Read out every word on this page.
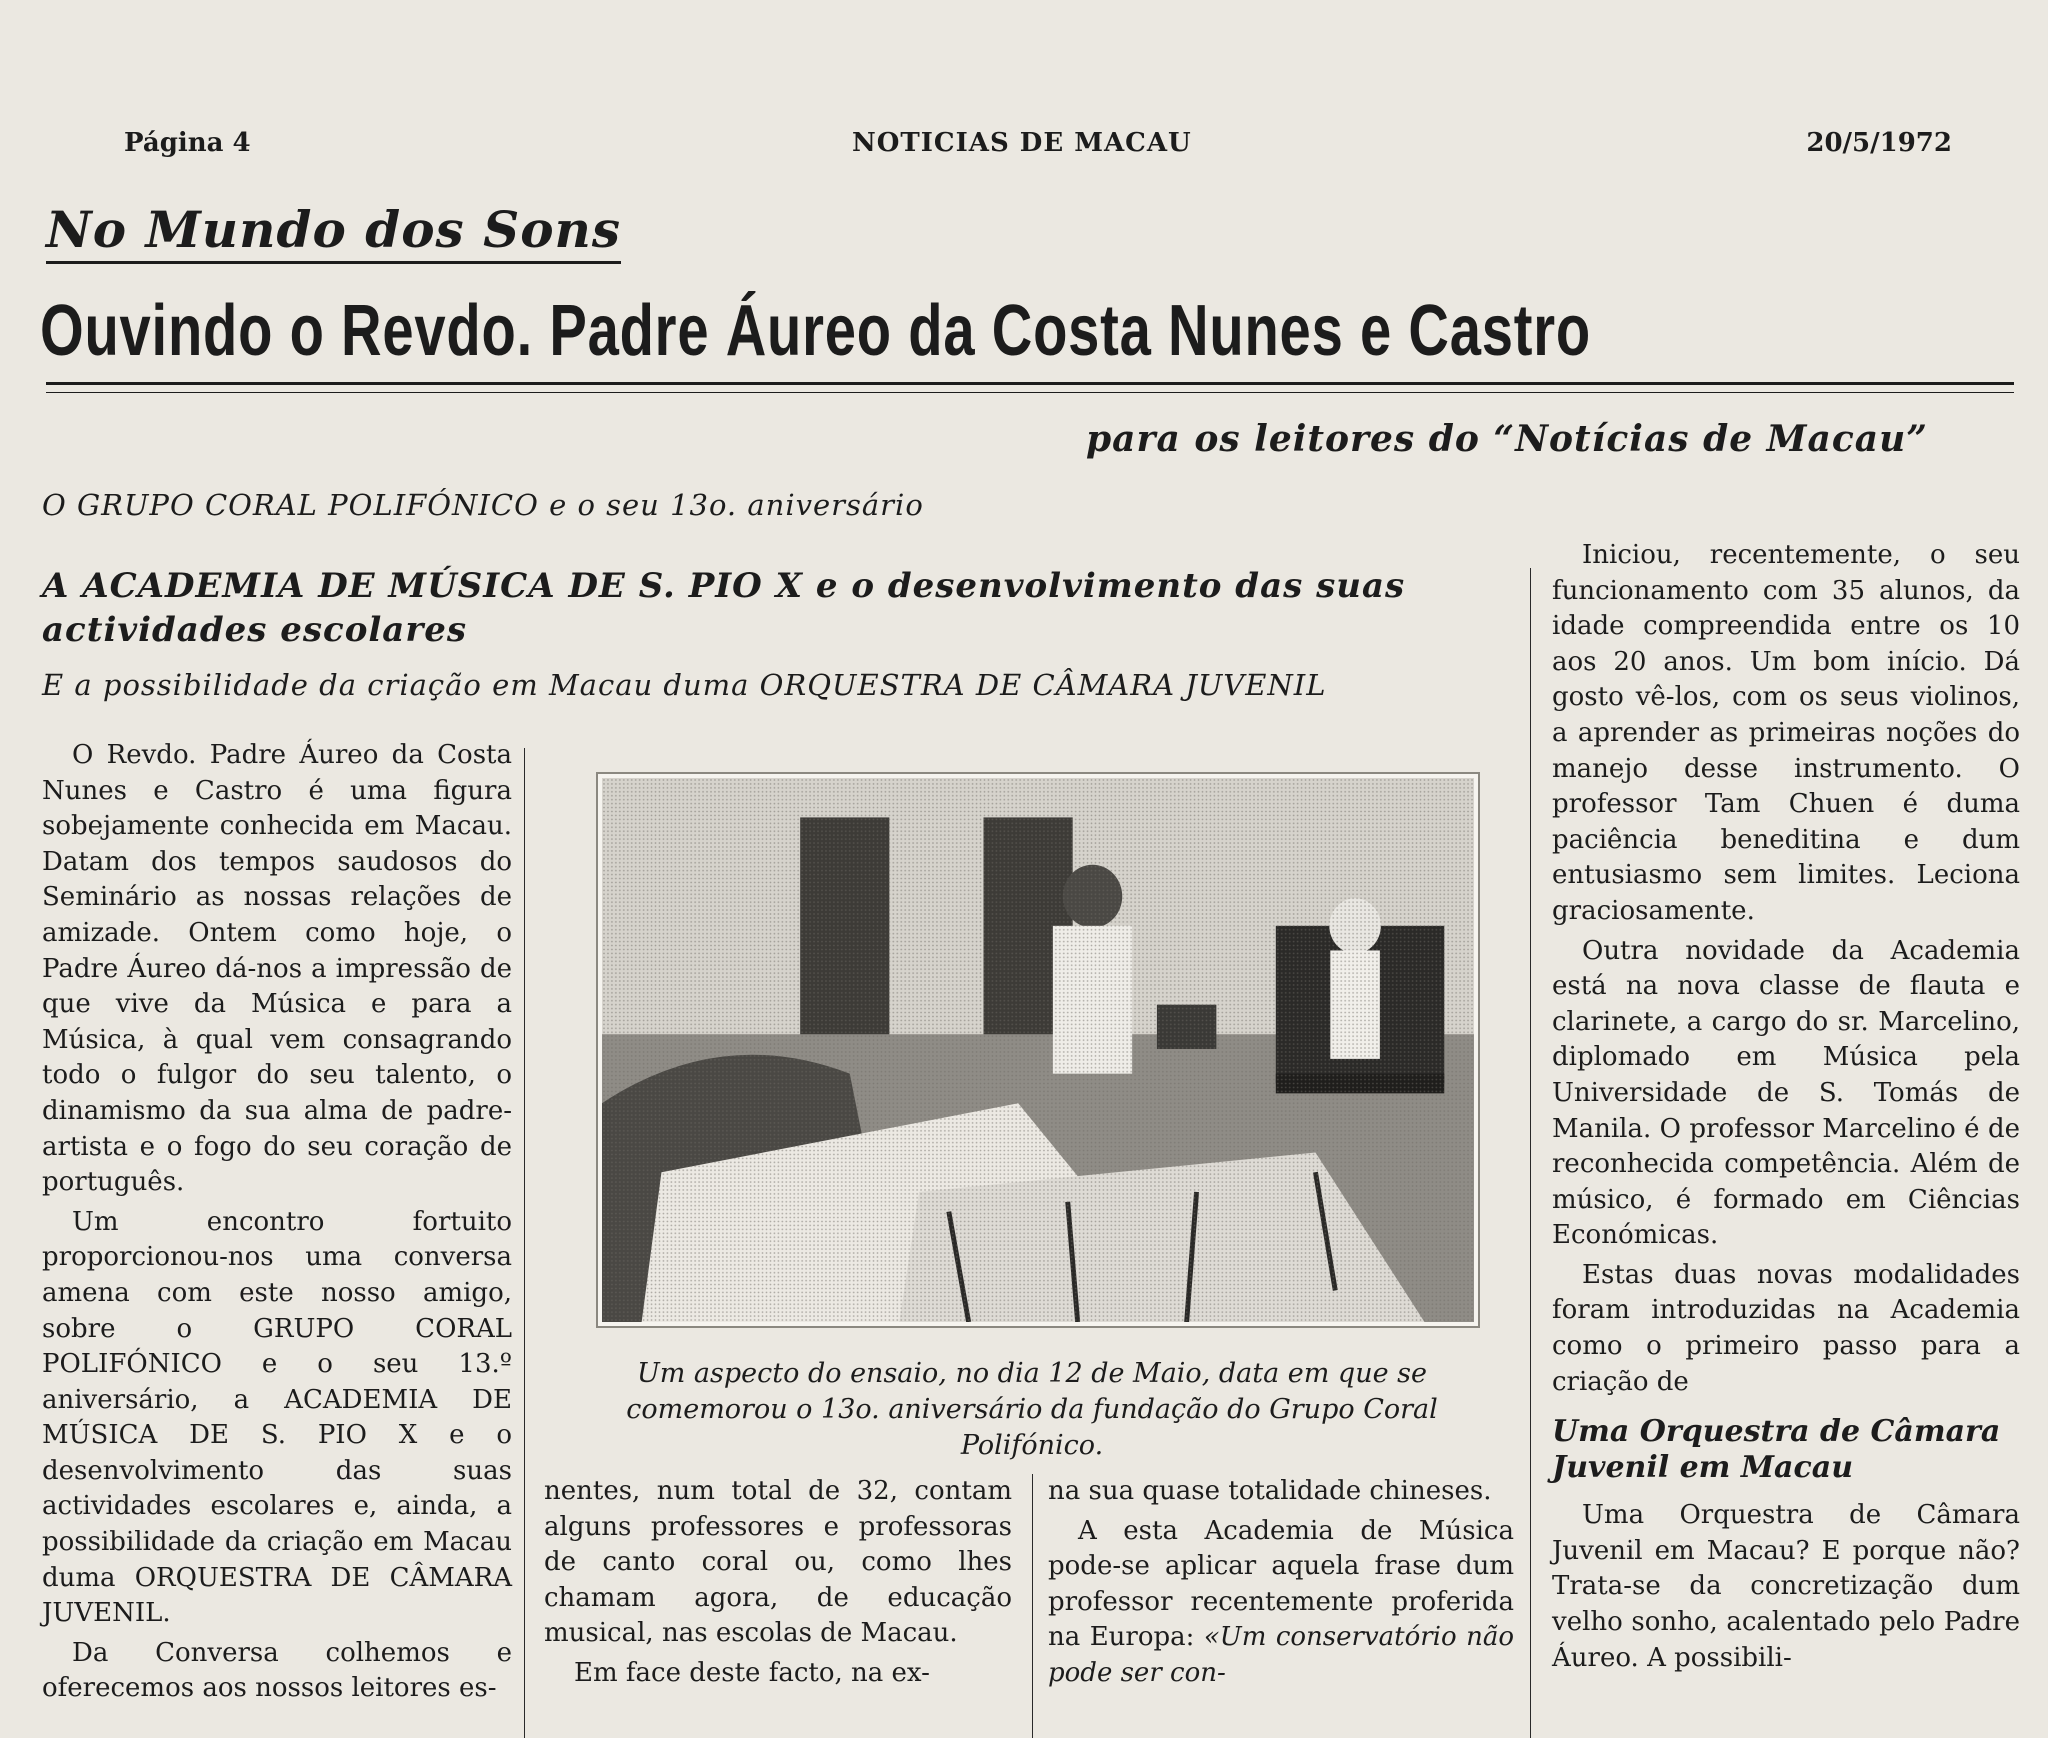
Página 4	NOTICIAS DE MACAU	20/5/1972
No Mundo dos Sons
Ouvindo o Revdo. Padre Áureo da Costa Nunes e Castro
para os leitores do “Notícias de Macau”
O GRUPO CORAL POLIFÓNICO e o seu 13o. aniversário
A ACADEMIA DE MÚSICA DE S. PIO X e o desenvolvimento das suas actividades escolares
E a possibilidade da criação em Macau duma ORQUESTRA DE CÂMARA JUVENIL

O Revdo. Padre Áureo da Costa Nunes e Castro é uma figura sobejamente conhecida em Macau. Datam dos tempos saudosos do Seminário as nossas relações de amizade. Ontem como hoje, o Padre Áureo dá-nos a impressão de que vive da Música e para a Música, à qual vem consagrando todo o fulgor do seu talento, o dinamismo da sua alma de padre-artista e o fogo do seu coração de português.

Um encontro fortuito proporcionou-nos uma conversa amena com este nosso amigo, sobre o GRUPO CORAL POLIFÓNICO e o seu 13.º aniversário, a ACADEMIA DE MÚSICA DE S. PIO X e o desenvolvimento das suas actividades escolares e, ainda, a possibilidade da criação em Macau duma ORQUESTRA DE CÂMARA JUVENIL.

Da Conversa colhemos e oferecemos aos nossos leitores es-

Um aspecto do ensaio, no dia 12 de Maio, data em que se comemorou o 13o. aniversário da fundação do Grupo Coral Polifónico.

nentes, num total de 32, contam alguns professores e professoras de canto coral ou, como lhes chamam agora, de educação musical, nas escolas de Macau.

Em face deste facto, na ex-

na sua quase totalidade chineses.

A esta Academia de Música pode-se aplicar aquela frase dum professor recentemente proferida na Europa: «Um conservatório não pode ser con-

Iniciou, recentemente, o seu funcionamento com 35 alunos, da idade compreendida entre os 10 aos 20 anos. Um bom início. Dá gosto vê-los, com os seus violinos, a aprender as primeiras noções do manejo desse instrumento. O professor Tam Chuen é duma paciência beneditina e dum entusiasmo sem limites. Leciona graciosamente.

Outra novidade da Academia está na nova classe de flauta e clarinete, a cargo do sr. Marcelino, diplomado em Música pela Universidade de S. Tomás de Manila. O professor Marcelino é de reconhecida competência. Além de músico, é formado em Ciências Económicas.

Estas duas novas modalidades foram introduzidas na Academia como o primeiro passo para a criação de

Uma Orquestra de Câmara Juvenil em Macau

Uma Orquestra de Câmara Juvenil em Macau? E porque não? Trata-se da concretização dum velho sonho, acalentado pelo Padre Áureo. A possibili-
